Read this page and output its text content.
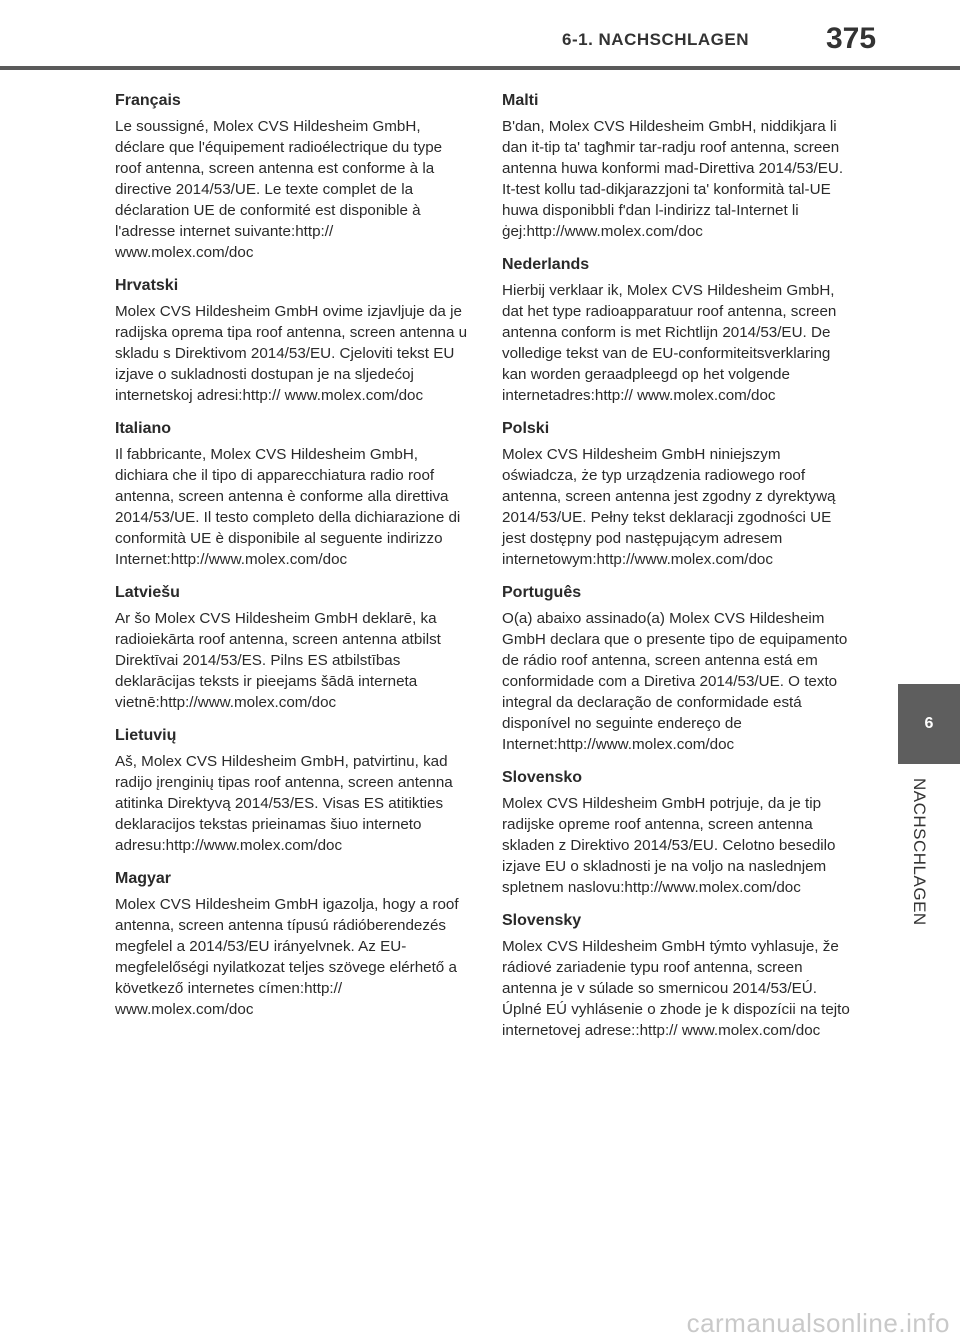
6-1. NACHSCHLAGEN	375
6
NACHSCHLAGEN
Français

Le soussigné, Molex CVS Hildesheim GmbH, déclare que l'équipement radioélectrique du type roof antenna, screen antenna est conforme à la directive 2014/53/UE. Le texte complet de la déclaration UE de conformité est disponible à l'adresse internet suivante:http:// www.molex.com/doc

Hrvatski

Molex CVS Hildesheim GmbH ovime izjavljuje da je radijska oprema tipa roof antenna, screen antenna u skladu s Direktivom 2014/53/EU. Cjeloviti tekst EU izjave o sukladnosti dostupan je na sljedećoj internetskoj adresi:http:// www.molex.com/doc

Italiano

Il fabbricante, Molex CVS Hildesheim GmbH, dichiara che il tipo di apparecchiatura radio roof antenna, screen antenna è conforme alla direttiva 2014/53/UE. Il testo completo della dichiarazione di conformità UE è disponibile al seguente indirizzo Internet:http://www.molex.com/doc

Latviešu

Ar šo Molex CVS Hildesheim GmbH deklarē, ka radioiekārta roof antenna, screen antenna atbilst Direktīvai 2014/53/ES. Pilns ES atbilstības deklarācijas teksts ir pieejams šādā interneta vietnē:http://www.molex.com/doc

Lietuvių

Aš, Molex CVS Hildesheim GmbH, patvirtinu, kad radijo įrenginių tipas roof antenna, screen antenna atitinka Direktyvą 2014/53/ES. Visas ES atitikties deklaracijos tekstas prieinamas šiuo interneto adresu:http://www.molex.com/doc

Magyar

Molex CVS Hildesheim GmbH igazolja, hogy a roof antenna, screen antenna típusú rádióberendezés megfelel a 2014/53/EU irányelvnek. Az EU-megfelelőségi nyilatkozat teljes szövege elérhető a következő internetes címen:http:// www.molex.com/doc

Malti

B'dan, Molex CVS Hildesheim GmbH, niddikjara li dan it-tip ta' tagħmir tar-radju roof antenna, screen antenna huwa konformi mad-Direttiva 2014/53/EU. It-test kollu tad-dikjarazzjoni ta' konformità tal-UE huwa disponibbli f'dan l-indirizz tal-Internet li ġej:http://www.molex.com/doc

Nederlands

Hierbij verklaar ik, Molex CVS Hildesheim GmbH, dat het type radioapparatuur roof antenna, screen antenna conform is met Richtlijn 2014/53/EU. De volledige tekst van de EU-conformiteitsverklaring kan worden geraadpleegd op het volgende internetadres:http:// www.molex.com/doc

Polski

Molex CVS Hildesheim GmbH niniejszym oświadcza, że typ urządzenia radiowego roof antenna, screen antenna jest zgodny z dyrektywą 2014/53/UE. Pełny tekst deklaracji zgodności UE jest dostępny pod następującym adresem internetowym:http://www.molex.com/doc

Português

O(a) abaixo assinado(a) Molex CVS Hildesheim GmbH declara que o presente tipo de equipamento de rádio roof antenna, screen antenna está em conformidade com a Diretiva 2014/53/UE. O texto integral da declaração de conformidade está disponível no seguinte endereço de Internet:http://www.molex.com/doc

Slovensko

Molex CVS Hildesheim GmbH potrjuje, da je tip radijske opreme roof antenna, screen antenna skladen z Direktivo 2014/53/EU. Celotno besedilo izjave EU o skladnosti je na voljo na naslednjem spletnem naslovu:http://www.molex.com/doc

Slovensky

Molex CVS Hildesheim GmbH týmto vyhlasuje, že rádiové zariadenie typu roof antenna, screen antenna je v súlade so smernicou 2014/53/EÚ. Úplné EÚ vyhlásenie o zhode je k dispozícii na tejto internetovej adrese::http:// www.molex.com/doc

carmanualsonline.info
